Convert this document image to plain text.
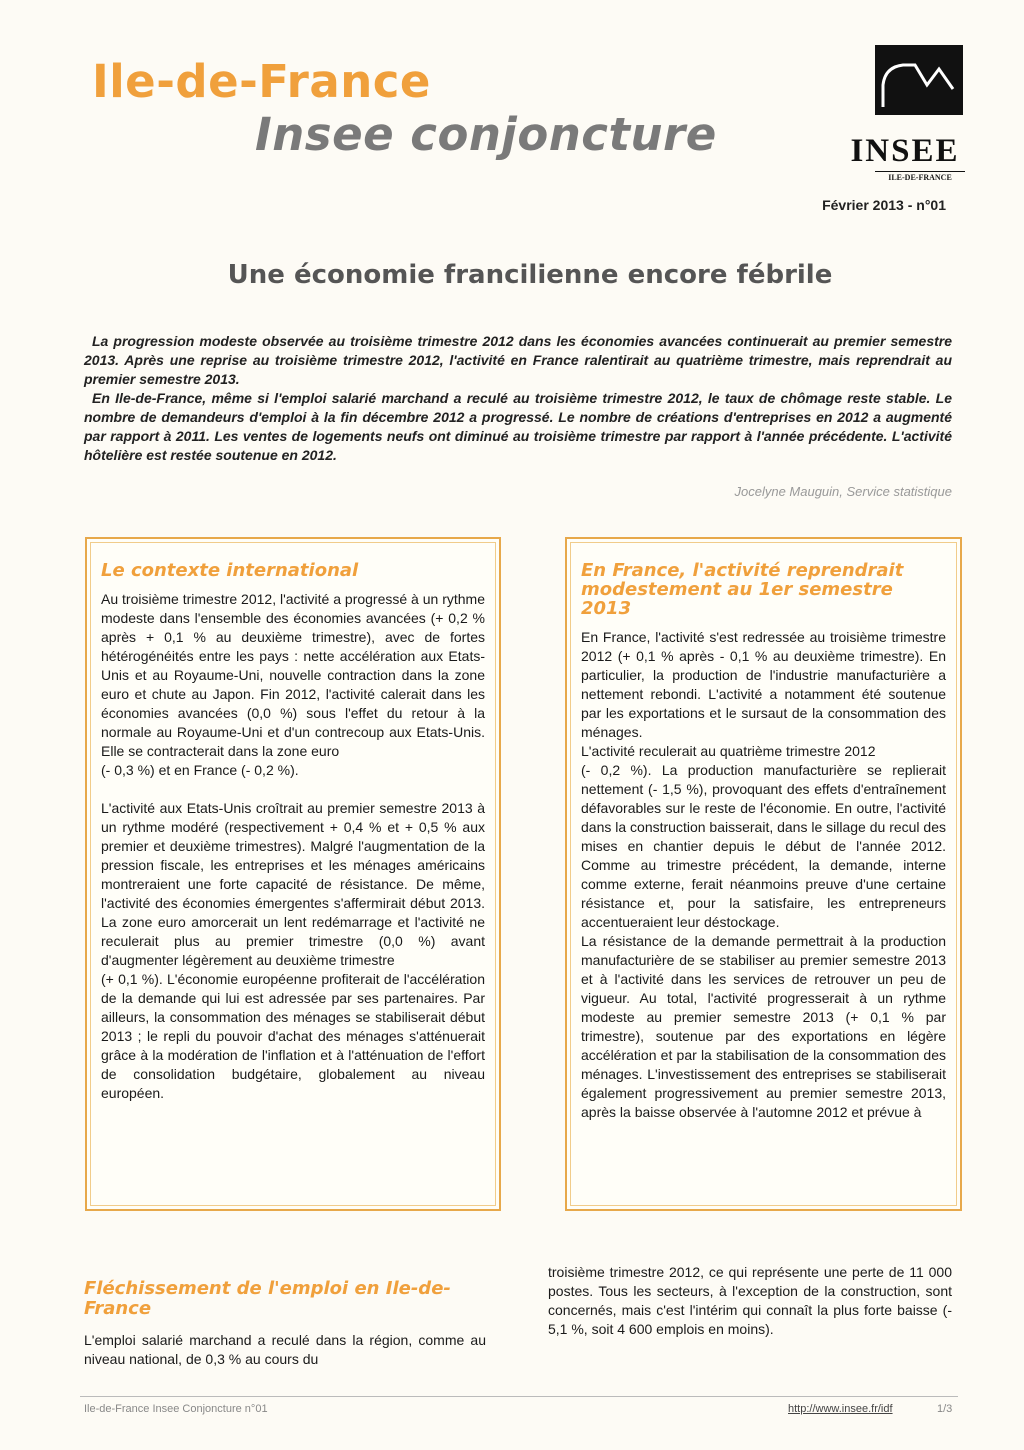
Ile-de-France
Insee conjoncture	INSEE
ILE-DE-FRANCE
Février 2013 - n°01
Une économie francilienne encore fébrile

La progression modeste observée au troisième trimestre 2012 dans les économies avancées continuerait au premier semestre 2013. Après une reprise au troisième trimestre 2012, l'activité en France ralentirait au quatrième trimestre, mais reprendrait au premier semestre 2013.

En Ile-de-France, même si l'emploi salarié marchand a reculé au troisième trimestre 2012, le taux de chômage reste stable. Le nombre de demandeurs d'emploi à la fin décembre 2012 a progressé. Le nombre de créations d'entreprises en 2012 a augmenté par rapport à 2011. Les ventes de logements neufs ont diminué au troisième trimestre par rapport à l'année précédente. L'activité hôtelière est restée soutenue en 2012.

Jocelyne Mauguin, Service statistique
Le contexte international

Au troisième trimestre 2012, l'activité a progressé à un rythme modeste dans l'ensemble des économies avancées (+ 0,2 % après + 0,1 % au deuxième trimestre), avec de fortes hétérogénéités entre les pays : nette accélération aux Etats-Unis et au Royaume-Uni, nouvelle contraction dans la zone euro et chute au Japon. Fin 2012, l'activité calerait dans les économies avancées (0,0 %) sous l'effet du retour à la normale au Royaume-Uni et d'un contrecoup aux Etats-Unis. Elle se contracterait dans la zone euro

(- 0,3 %) et en France (- 0,2 %).

L'activité aux Etats-Unis croîtrait au premier semestre 2013 à un rythme modéré (respectivement + 0,4 % et + 0,5 % aux premier et deuxième trimestres). Malgré l'augmentation de la pression fiscale, les entreprises et les ménages américains montreraient une forte capacité de résistance. De même, l'activité des économies émergentes s'affermirait début 2013. La zone euro amorcerait un lent redémarrage et l'activité ne reculerait plus au premier trimestre (0,0 %) avant d'augmenter légèrement au deuxième trimestre

(+ 0,1 %). L'économie européenne profiterait de l'accélération de la demande qui lui est adressée par ses partenaires. Par ailleurs, la consommation des ménages se stabiliserait début 2013 ; le repli du pouvoir d'achat des ménages s'atténuerait grâce à la modération de l'inflation et à l'atténuation de l'effort de consolidation budgétaire, globalement au niveau européen.

En France, l'activité reprendrait modestement au 1er semestre 2013

En France, l'activité s'est redressée au troisième trimestre 2012 (+ 0,1 % après - 0,1 % au deuxième trimestre). En particulier, la production de l'industrie manufacturière a nettement rebondi. L'activité a notamment été soutenue par les exportations et le sursaut de la consommation des ménages.

L'activité reculerait au quatrième trimestre 2012

(- 0,2 %). La production manufacturière se replierait nettement (- 1,5 %), provoquant des effets d'entraînement défavorables sur le reste de l'économie. En outre, l'activité dans la construction baisserait, dans le sillage du recul des mises en chantier depuis le début de l'année 2012. Comme au trimestre précédent, la demande, interne comme externe, ferait néanmoins preuve d'une certaine résistance et, pour la satisfaire, les entrepreneurs accentueraient leur déstockage.

La résistance de la demande permettrait à la production manufacturière de se stabiliser au premier semestre 2013 et à l'activité dans les services de retrouver un peu de vigueur. Au total, l'activité progresserait à un rythme modeste au premier semestre 2013 (+ 0,1 % par trimestre), soutenue par des exportations en légère accélération et par la stabilisation de la consommation des ménages. L'investissement des entreprises se stabiliserait également progressivement au premier semestre 2013, après la baisse observée à l'automne 2012 et prévue à

Fléchissement de l'emploi en Ile-de-France

L'emploi salarié marchand a reculé dans la région, comme au niveau national, de 0,3 % au cours du

troisième trimestre 2012, ce qui représente une perte de 11 000 postes. Tous les secteurs, à l'exception de la construction, sont concernés, mais c'est l'intérim qui connaît la plus forte baisse (- 5,1 %, soit 4 600 emplois en moins).

Ile-de-France Insee Conjoncture n°01	http://www.insee.fr/idf	1/3
